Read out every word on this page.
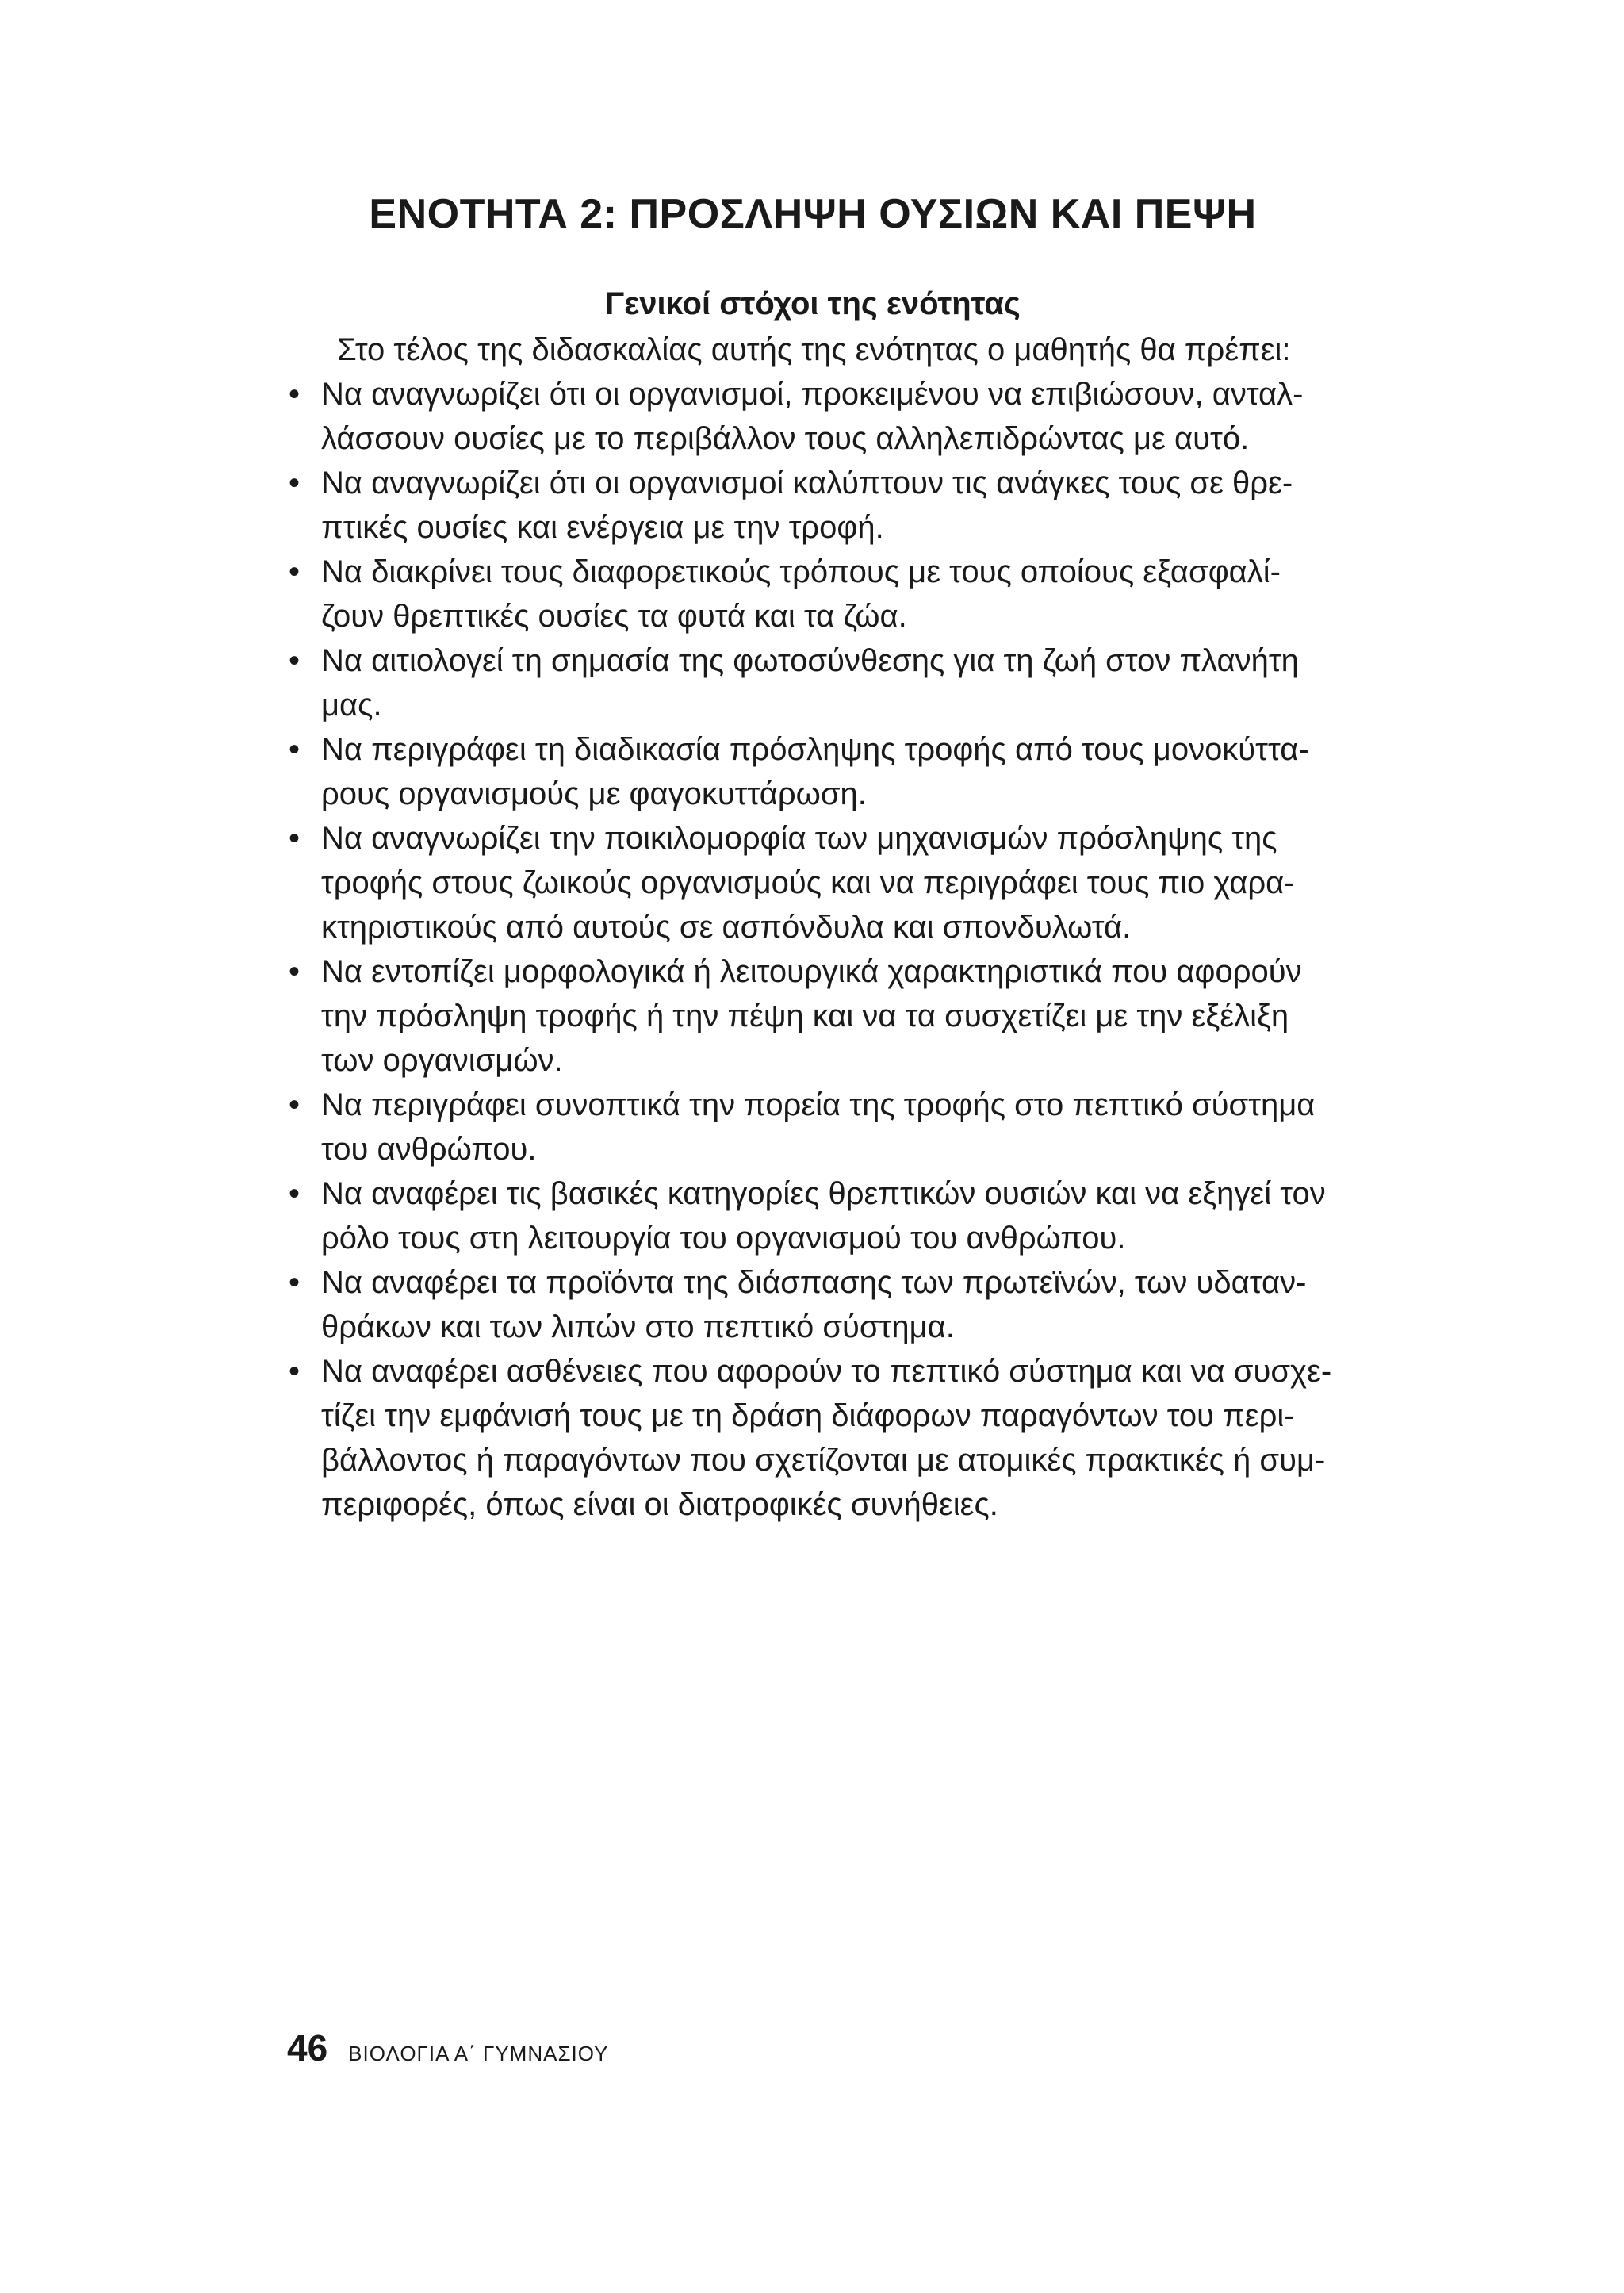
ΕΝΟΤΗΤΑ 2: ΠΡΟΣΛΗΨΗ ΟΥΣΙΩΝ ΚΑΙ ΠΕΨΗ
Γενικοί στόχοι της ενότητας

Στο τέλος της διδασκαλίας αυτής της ενότητας ο μαθητής θα πρέπει:

• Να αναγνωρίζει ότι οι οργανισμοί, προκειμένου να επιβιώσουν, ανταλ-
λάσσουν ουσίες με το περιβάλλον τους αλληλεπιδρώντας με αυτό.
• Να αναγνωρίζει ότι οι οργανισμοί καλύπτουν τις ανάγκες τους σε θρε-
πτικές ουσίες και ενέργεια με την τροφή.
• Να διακρίνει τους διαφορετικούς τρόπους με τους οποίους εξασφαλί-
ζουν θρεπτικές ουσίες τα φυτά και τα ζώα.
• Να αιτιολογεί τη σημασία της φωτοσύνθεσης για τη ζωή στον πλανήτη
μας.
• Να περιγράφει τη διαδικασία πρόσληψης τροφής από τους μονοκύττα-
ρους οργανισμούς με φαγοκυττάρωση.
• Να αναγνωρίζει την ποικιλομορφία των μηχανισμών πρόσληψης της
τροφής στους ζωικούς οργανισμούς και να περιγράφει τους πιο χαρα-
κτηριστικούς από αυτούς σε ασπόνδυλα και σπονδυλωτά.
• Να εντοπίζει μορφολογικά ή λειτουργικά χαρακτηριστικά που αφορούν
την πρόσληψη τροφής ή την πέψη και να τα συσχετίζει με την εξέλιξη
των οργανισμών.
• Να περιγράφει συνοπτικά την πορεία της τροφής στο πεπτικό σύστημα
του ανθρώπου.
• Να αναφέρει τις βασικές κατηγορίες θρεπτικών ουσιών και να εξηγεί τον
ρόλο τους στη λειτουργία του οργανισμού του ανθρώπου.
• Να αναφέρει τα προϊόντα της διάσπασης των πρωτεϊνών, των υδαταν-
θράκων και των λιπών στο πεπτικό σύστημα.
• Να αναφέρει ασθένειες που αφορούν το πεπτικό σύστημα και να συσχε-
τίζει την εμφάνισή τους με τη δράση διάφορων παραγόντων του περι-
βάλλοντος ή παραγόντων που σχετίζονται με ατομικές πρακτικές ή συμ-
περιφορές, όπως είναι οι διατροφικές συνήθειες.
46 ΒΙΟΛΟΓΙΑ Α΄ ΓΥΜΝΑΣΙΟΥ
